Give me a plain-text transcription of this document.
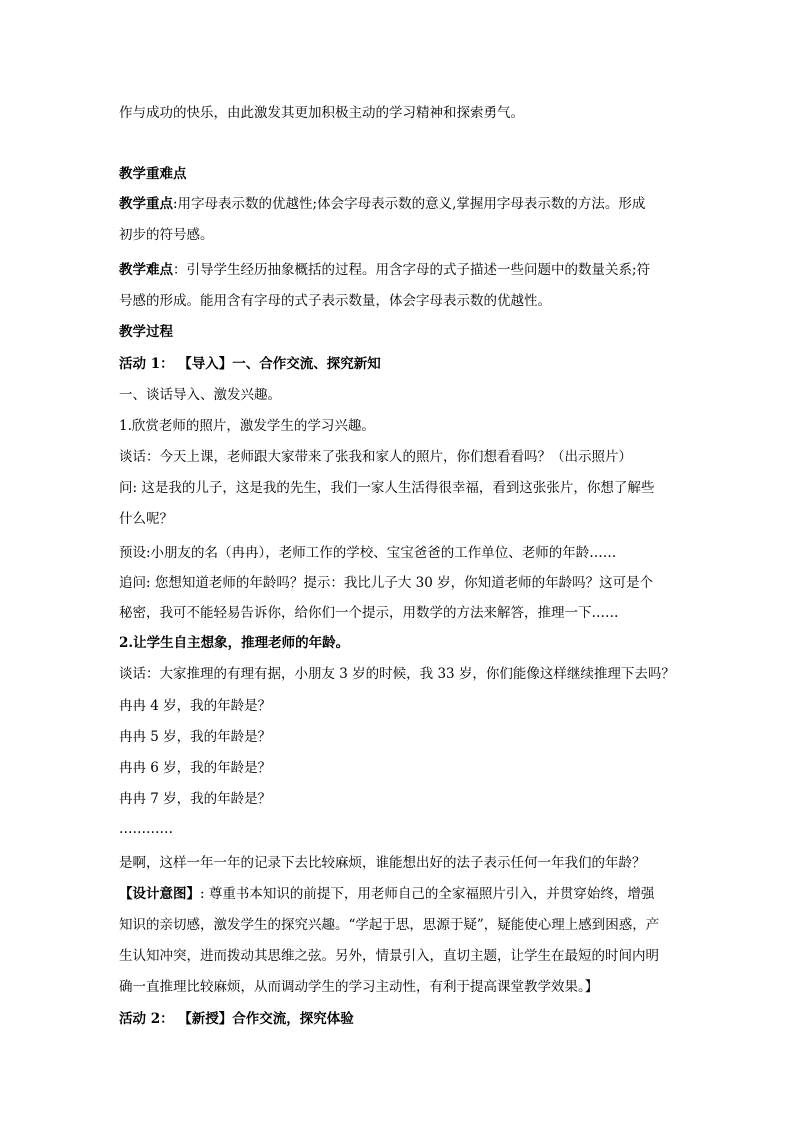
作与成功的快乐，由此激发其更加积极主动的学习精神和探索勇气。
教学重难点
教学重点:用字母表示数的优越性;体会字母表示数的意义,掌握用字母表示数的方法。形成
初步的符号感。
教学难点：引导学生经历抽象概括的过程。用含字母的式子描述一些问题中的数量关系;符
号感的形成。能用含有字母的式子表示数量，体会字母表示数的优越性。
教学过程
活动 1： 【导入】一、合作交流、探究新知
一、谈话导入、激发兴趣。
1.欣赏老师的照片，激发学生的学习兴趣。
谈话：今天上课，老师跟大家带来了张我和家人的照片，你们想看看吗？（出示照片）
问: 这是我的儿子，这是我的先生，我们一家人生活得很幸福，看到这张张片，你想了解些
什么呢？
预设:小朋友的名（冉冉），老师工作的学校、宝宝爸爸的工作单位、老师的年龄……
追问: 您想知道老师的年龄吗？提示：我比儿子大 30 岁，你知道老师的年龄吗？这可是个
秘密，我可不能轻易告诉你，给你们一个提示，用数学的方法来解答，推理一下……
2.让学生自主想象，推理老师的年龄。
谈话：大家推理的有理有据，小朋友 3 岁的时候，我 33 岁，你们能像这样继续推理下去吗？
冉冉 4 岁，我的年龄是？
冉冉 5 岁，我的年龄是？
冉冉 6 岁，我的年龄是？
冉冉 7 岁，我的年龄是？
…………
是啊，这样一年一年的记录下去比较麻烦，谁能想出好的法子表示任何一年我们的年龄？
【设计意图】: 尊重书本知识的前提下，用老师自己的全家福照片引入，并贯穿始终，增强
知识的亲切感，激发学生的探究兴趣。“学起于思，思源于疑”，疑能使心理上感到困惑，产
生认知冲突，进而拨动其思维之弦。另外，情景引入，直切主题，让学生在最短的时间内明
确一直推理比较麻烦，从而调动学生的学习主动性，有利于提高课堂教学效果。】
活动 2： 【新授】合作交流，探究体验
